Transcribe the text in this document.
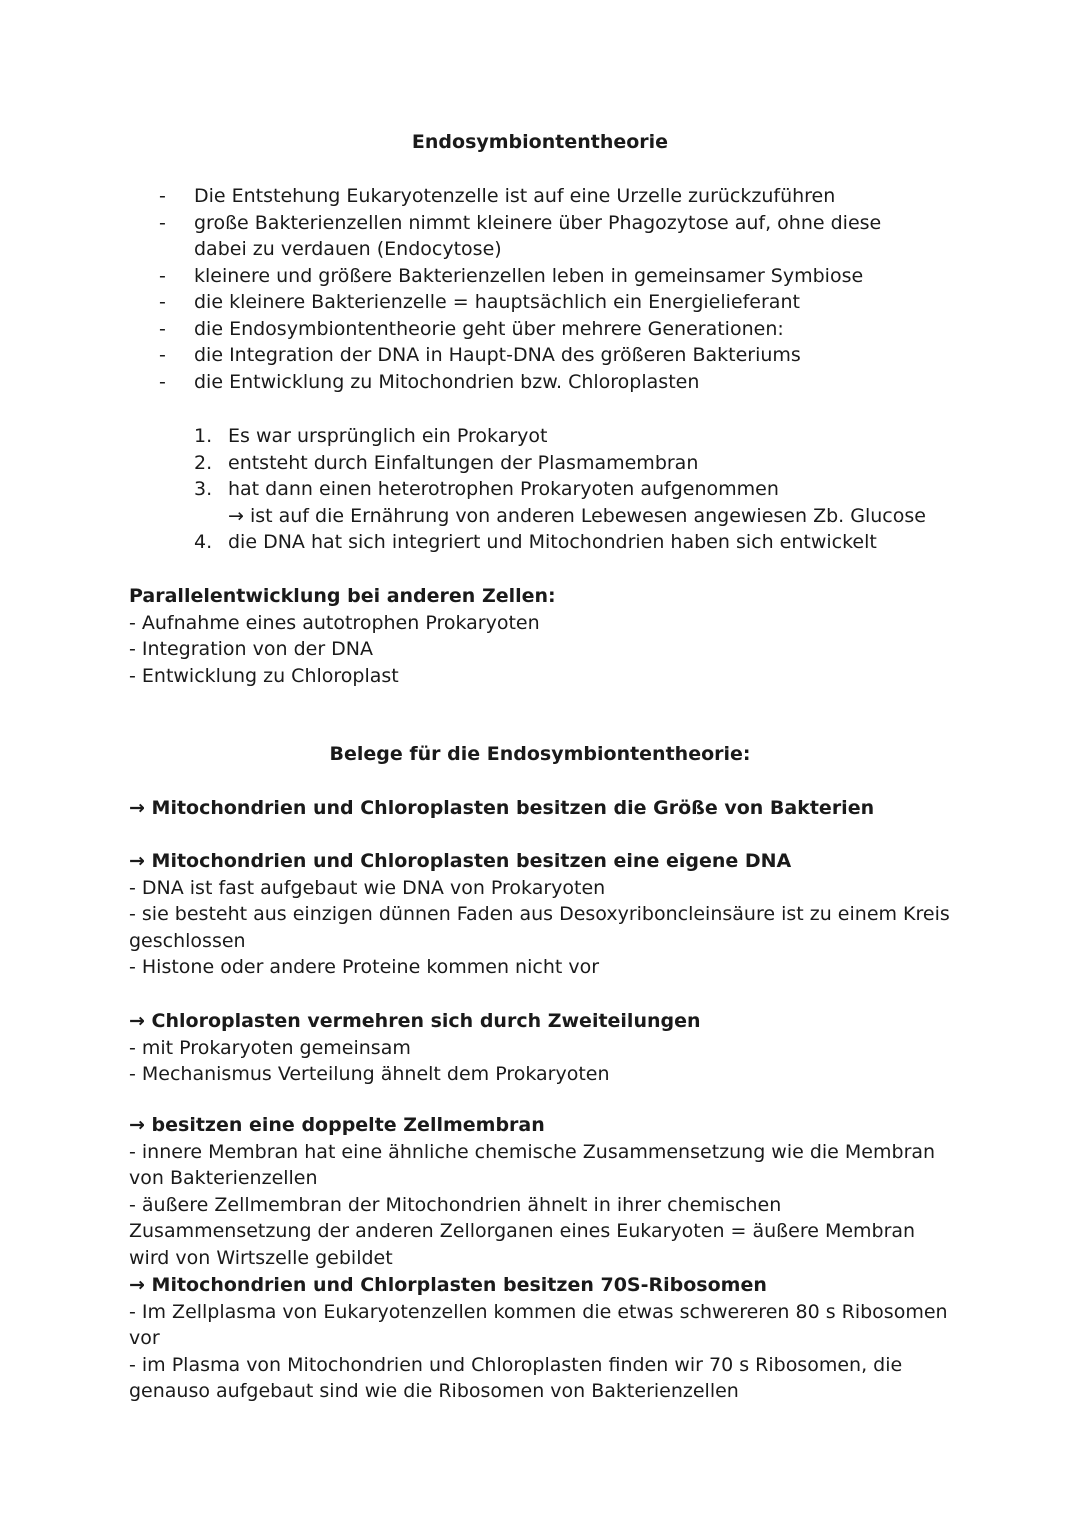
Endosymbiontentheorie
- Die Entstehung Eukaryotenzelle ist auf eine Urzelle zurückzuführen
- große Bakterienzellen nimmt kleinere über Phagozytose auf, ohne diese dabei zu verdauen (Endocytose)
- kleinere und größere Bakterienzellen leben in gemeinsamer Symbiose
- die kleinere Bakterienzelle = hauptsächlich ein Energielieferant
- die Endosymbiontentheorie geht über mehrere Generationen:
- die Integration der DNA in Haupt-DNA des größeren Bakteriums
- die Entwicklung zu Mitochondrien bzw. Chloroplasten
1. Es war ursprünglich ein Prokaryot
2. entsteht durch Einfaltungen der Plasmamembran
3. hat dann einen heterotrophen Prokaryoten aufgenommen
→ ist auf die Ernährung von anderen Lebewesen angewiesen Zb. Glucose
4. die DNA hat sich integriert und Mitochondrien haben sich entwickelt

Parallelentwicklung bei anderen Zellen:

- Aufnahme eines autotrophen Prokaryoten

- Integration von der DNA

- Entwicklung zu Chloroplast

Belege für die Endosymbiontentheorie:

→ Mitochondrien und Chloroplasten besitzen die Größe von Bakterien

→ Mitochondrien und Chloroplasten besitzen eine eigene DNA

- DNA ist fast aufgebaut wie DNA von Prokaryoten

- sie besteht aus einzigen dünnen Faden aus Desoxyriboncleinsäure ist zu einem Kreis geschlossen

- Histone oder andere Proteine kommen nicht vor

→ Chloroplasten vermehren sich durch Zweiteilungen

- mit Prokaryoten gemeinsam

- Mechanismus Verteilung ähnelt dem Prokaryoten

→ besitzen eine doppelte Zellmembran

- innere Membran hat eine ähnliche chemische Zusammensetzung wie die Membran von Bakterienzellen

- äußere Zellmembran der Mitochondrien ähnelt in ihrer chemischen Zusammensetzung der anderen Zellorganen eines Eukaryoten = äußere Membran wird von Wirtszelle gebildet

→ Mitochondrien und Chlorplasten besitzen 70S-Ribosomen

- Im Zellplasma von Eukaryotenzellen kommen die etwas schwereren 80 s Ribosomen vor

- im Plasma von Mitochondrien und Chloroplasten finden wir 70 s Ribosomen, die genauso aufgebaut sind wie die Ribosomen von Bakterienzellen
